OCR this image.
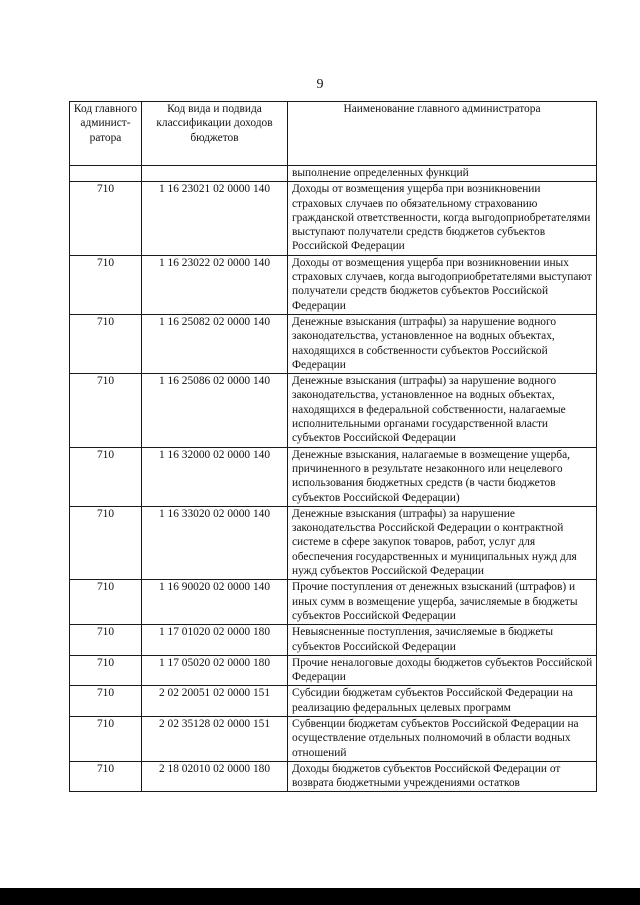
9
Код главного админист-ратора	Код вида и подвида классификации доходов бюджетов	Наименование главного администратора
		выполнение определенных функций
710	1 16 23021 02 0000 140	Доходы от возмещения ущерба при возникновении страховых случаев по обязательному страхованию гражданской ответственности, когда выгодоприобретателями выступают получатели средств бюджетов субъектов Российской Федерации
710	1 16 23022 02 0000 140	Доходы от возмещения ущерба при возникновении иных страховых случаев, когда выгодоприобретателями выступают получатели средств бюджетов субъектов Российской Федерации
710	1 16 25082 02 0000 140	Денежные взыскания (штрафы) за нарушение водного законодательства, установленное на водных объектах, находящихся в собственности субъектов Российской Федерации
710	1 16 25086 02 0000 140	Денежные взыскания (штрафы) за нарушение водного законодательства, установленное на водных объектах, находящихся в федеральной собственности, налагаемые исполнительными органами государственной власти субъектов Российской Федерации
710	1 16 32000 02 0000 140	Денежные взыскания, налагаемые в возмещение ущерба, причиненного в результате незаконного или нецелевого использования бюджетных средств (в части бюджетов субъектов Российской Федерации)
710	1 16 33020 02 0000 140	Денежные взыскания (штрафы) за нарушение законодательства Российской Федерации о контрактной системе в сфере закупок товаров, работ, услуг для обеспечения государственных и муниципальных нужд для нужд субъектов Российской Федерации
710	1 16 90020 02 0000 140	Прочие поступления от денежных взысканий (штрафов) и иных сумм в возмещение ущерба, зачисляемые в бюджеты субъектов Российской Федерации
710	1 17 01020 02 0000 180	Невыясненные поступления, зачисляемые в бюджеты субъектов Российской Федерации
710	1 17 05020 02 0000 180	Прочие неналоговые доходы бюджетов субъектов Российской Федерации
710	2 02 20051 02 0000 151	Субсидии бюджетам субъектов Российской Федерации на реализацию федеральных целевых программ
710	2 02 35128 02 0000 151	Субвенции бюджетам субъектов Российской Федерации на осуществление отдельных полномочий в области водных отношений
710	2 18 02010 02 0000 180	Доходы бюджетов субъектов Российской Федерации от возврата бюджетными учреждениями остатков
